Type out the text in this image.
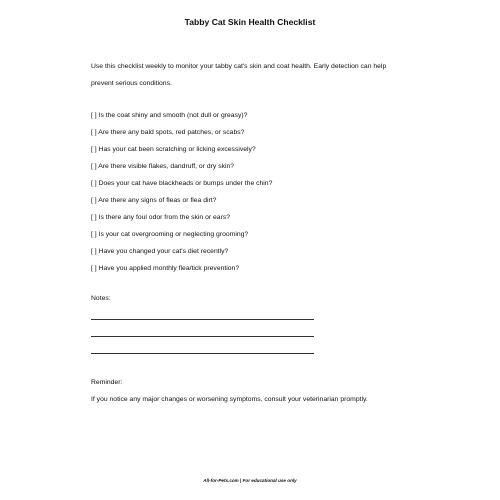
Tabby Cat Skin Health Checklist
Use this checklist weekly to monitor your tabby cat's skin and coat health. Early detection can help
prevent serious conditions.
[ ] Is the coat shiny and smooth (not dull or greasy)?
[ ] Are there any bald spots, red patches, or scabs?
[ ] Has your cat been scratching or licking excessively?
[ ] Are there visible flakes, dandruff, or dry skin?
[ ] Does your cat have blackheads or bumps under the chin?
[ ] Are there any signs of fleas or flea dirt?
[ ] Is there any foul odor from the skin or ears?
[ ] Is your cat overgrooming or neglecting grooming?
[ ] Have you changed your cat's diet recently?
[ ] Have you applied monthly flea/tick prevention?
Notes:
Reminder:
If you notice any major changes or worsening symptoms, consult your veterinarian promptly.
All-for-Pets.com | For educational use only
